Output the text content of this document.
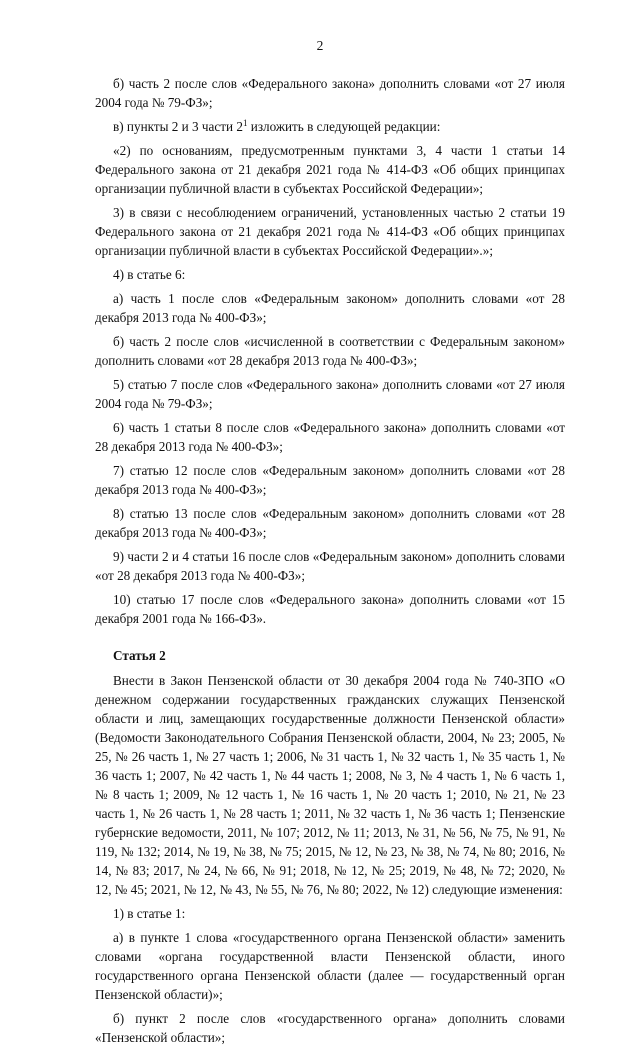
2

б) часть 2 после слов «Федерального закона» дополнить словами «от 27 июля 2004 года № 79-ФЗ»;

в) пункты 2 и 3 части $2^1$ изложить в следующей редакции:

«2) по основаниям, предусмотренным пунктами 3, 4 части 1 статьи 14 Федерального закона от 21 декабря 2021 года № 414-ФЗ «Об общих принципах организации публичной власти в субъектах Российской Федерации»;

3) в связи с несоблюдением ограничений, установленных частью 2 статьи 19 Федерального закона от 21 декабря 2021 года № 414-ФЗ «Об общих принципах организации публичной власти в субъектах Российской Федерации».»;

4) в статье 6:

а) часть 1 после слов «Федеральным законом» дополнить словами «от 28 декабря 2013 года № 400-ФЗ»;

б) часть 2 после слов «исчисленной в соответствии с Федеральным законом» дополнить словами «от 28 декабря 2013 года № 400-ФЗ»;

5) статью 7 после слов «Федерального закона» дополнить словами «от 27 июля 2004 года № 79-ФЗ»;

6) часть 1 статьи 8 после слов «Федерального закона» дополнить словами «от 28 декабря 2013 года № 400-ФЗ»;

7) статью 12 после слов «Федеральным законом» дополнить словами «от 28 декабря 2013 года № 400-ФЗ»;

8) статью 13 после слов «Федеральным законом» дополнить словами «от 28 декабря 2013 года № 400-ФЗ»;

9) части 2 и 4 статьи 16 после слов «Федеральным законом» дополнить словами «от 28 декабря 2013 года № 400-ФЗ»;

10) статью 17 после слов «Федерального закона» дополнить словами «от 15 декабря 2001 года № 166-ФЗ».

Статья 2

Внести в Закон Пензенской области от 30 декабря 2004 года № 740-ЗПО «О денежном содержании государственных гражданских служащих Пензенской области и лиц, замещающих государственные должности Пензенской области» (Ведомости Законодательного Собрания Пензенской области, 2004, № 23; 2005, № 25, № 26 часть 1, № 27 часть 1; 2006, № 31 часть 1, № 32 часть 1, № 35 часть 1, № 36 часть 1; 2007, № 42 часть 1, № 44 часть 1; 2008, № 3, № 4 часть 1, № 6 часть 1, № 8 часть 1; 2009, № 12 часть 1, № 16 часть 1, № 20 часть 1; 2010, № 21, № 23 часть 1, № 26 часть 1, № 28 часть 1; 2011, № 32 часть 1, № 36 часть 1; Пензенские губернские ведомости, 2011, № 107; 2012, № 11; 2013, № 31, № 56, № 75, № 91, № 119, № 132; 2014, № 19, № 38, № 75; 2015, № 12, № 23, № 38, № 74, № 80; 2016, № 14, № 83; 2017, № 24, № 66, № 91; 2018, № 12, № 25; 2019, № 48, № 72; 2020, № 12, № 45; 2021, № 12, № 43, № 55, № 76, № 80; 2022, № 12) следующие изменения:

1) в статье 1:

а) в пункте 1 слова «государственного органа Пензенской области» заменить словами «органа государственной власти Пензенской области, иного государственного органа Пензенской области (далее — государственный орган Пензенской области)»;

б) пункт 2 после слов «государственного органа» дополнить словами «Пензенской области»;
